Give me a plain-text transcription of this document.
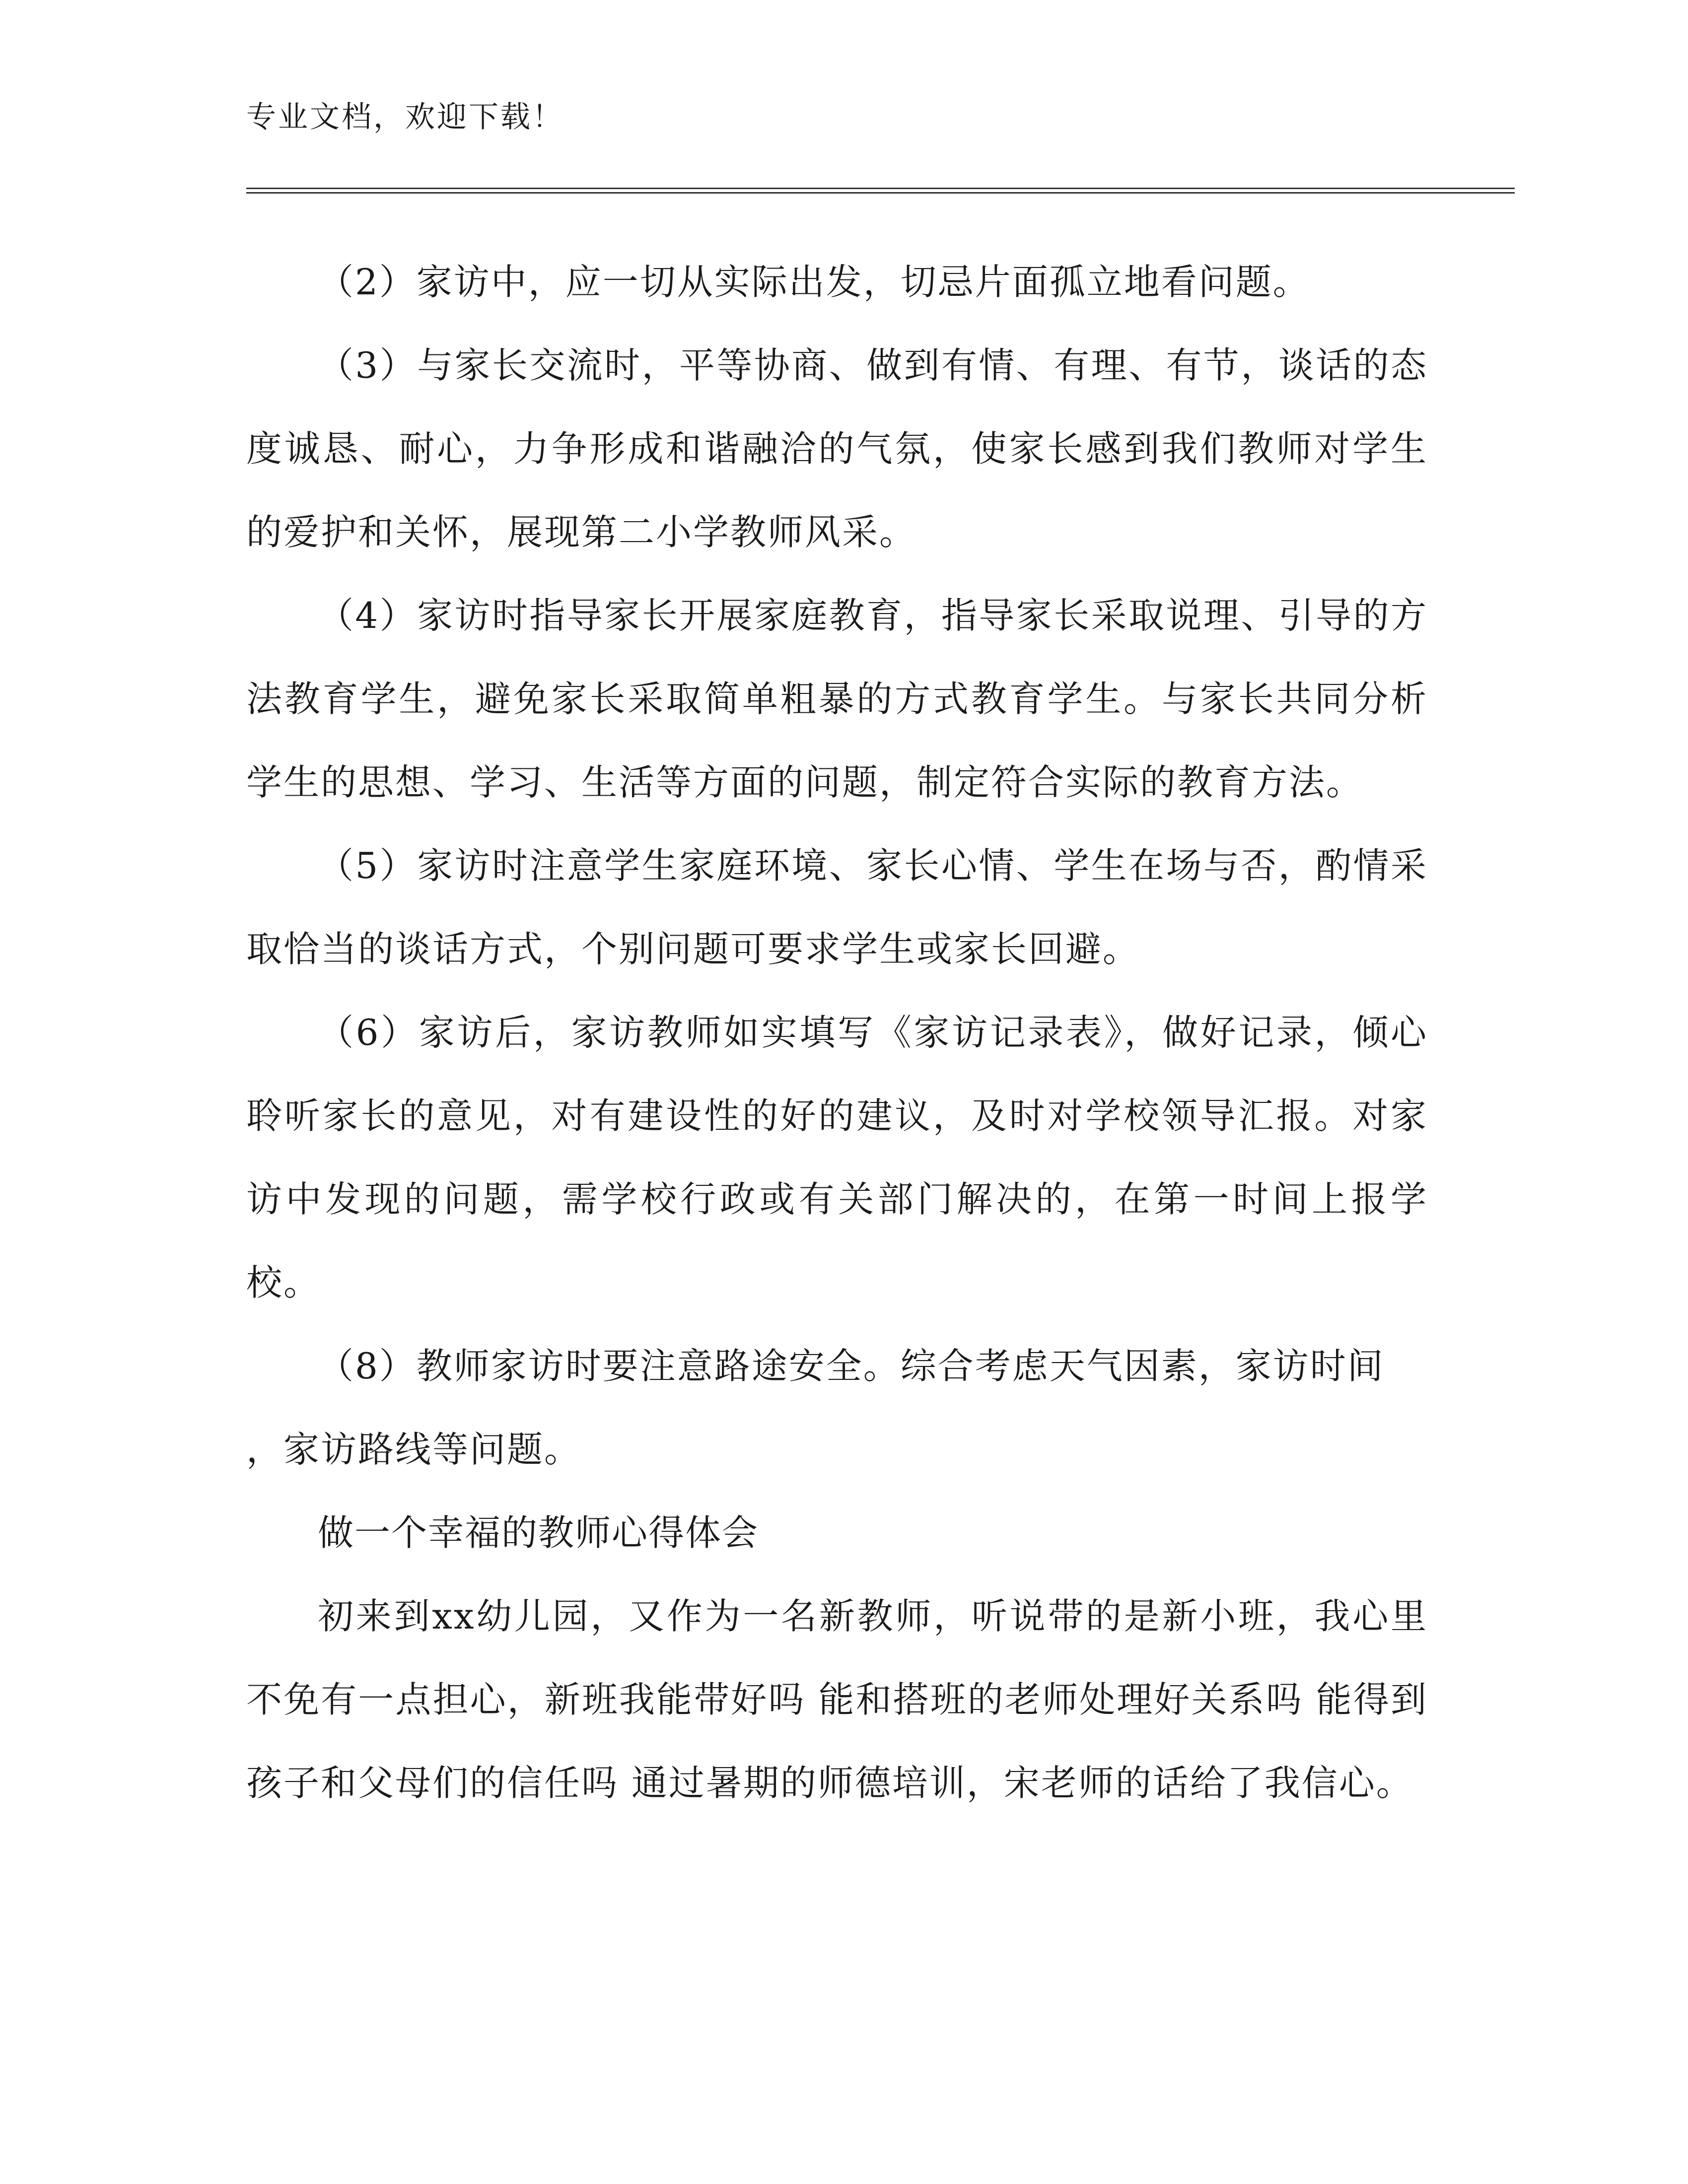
专业文档，欢迎下载！

（2）家访中，应一切从实际出发，切忌片面孤立地看问题。

（3）与家长交流时，平等协商、做到有情、有理、有节，谈话的态度诚恳、耐心，力争形成和谐融洽的气氛，使家长感到我们教师对学生的爱护和关怀，展现第二小学教师风采。

（4）家访时指导家长开展家庭教育，指导家长采取说理、引导的方法教育学生，避免家长采取简单粗暴的方式教育学生。与家长共同分析学生的思想、学习、生活等方面的问题，制定符合实际的教育方法。

（5）家访时注意学生家庭环境、家长心情、学生在场与否，酌情采取恰当的谈话方式，个别问题可要求学生或家长回避。

（6）家访后，家访教师如实填写《家访记录表》，做好记录，倾心聆听家长的意见，对有建设性的好的建议，及时对学校领导汇报。对家访中发现的问题，需学校行政或有关部门解决的，在第一时间上报学校。

（8）教师家访时要注意路途安全。综合考虑天气因素，家访时间

，家访路线等问题。

做一个幸福的教师心得体会

初来到xx幼儿园，又作为一名新教师，听说带的是新小班，我心里不免有一点担心，新班我能带好吗 能和搭班的老师处理好关系吗 能得到孩子和父母们的信任吗 通过暑期的师德培训，宋老师的话给了我信心。
